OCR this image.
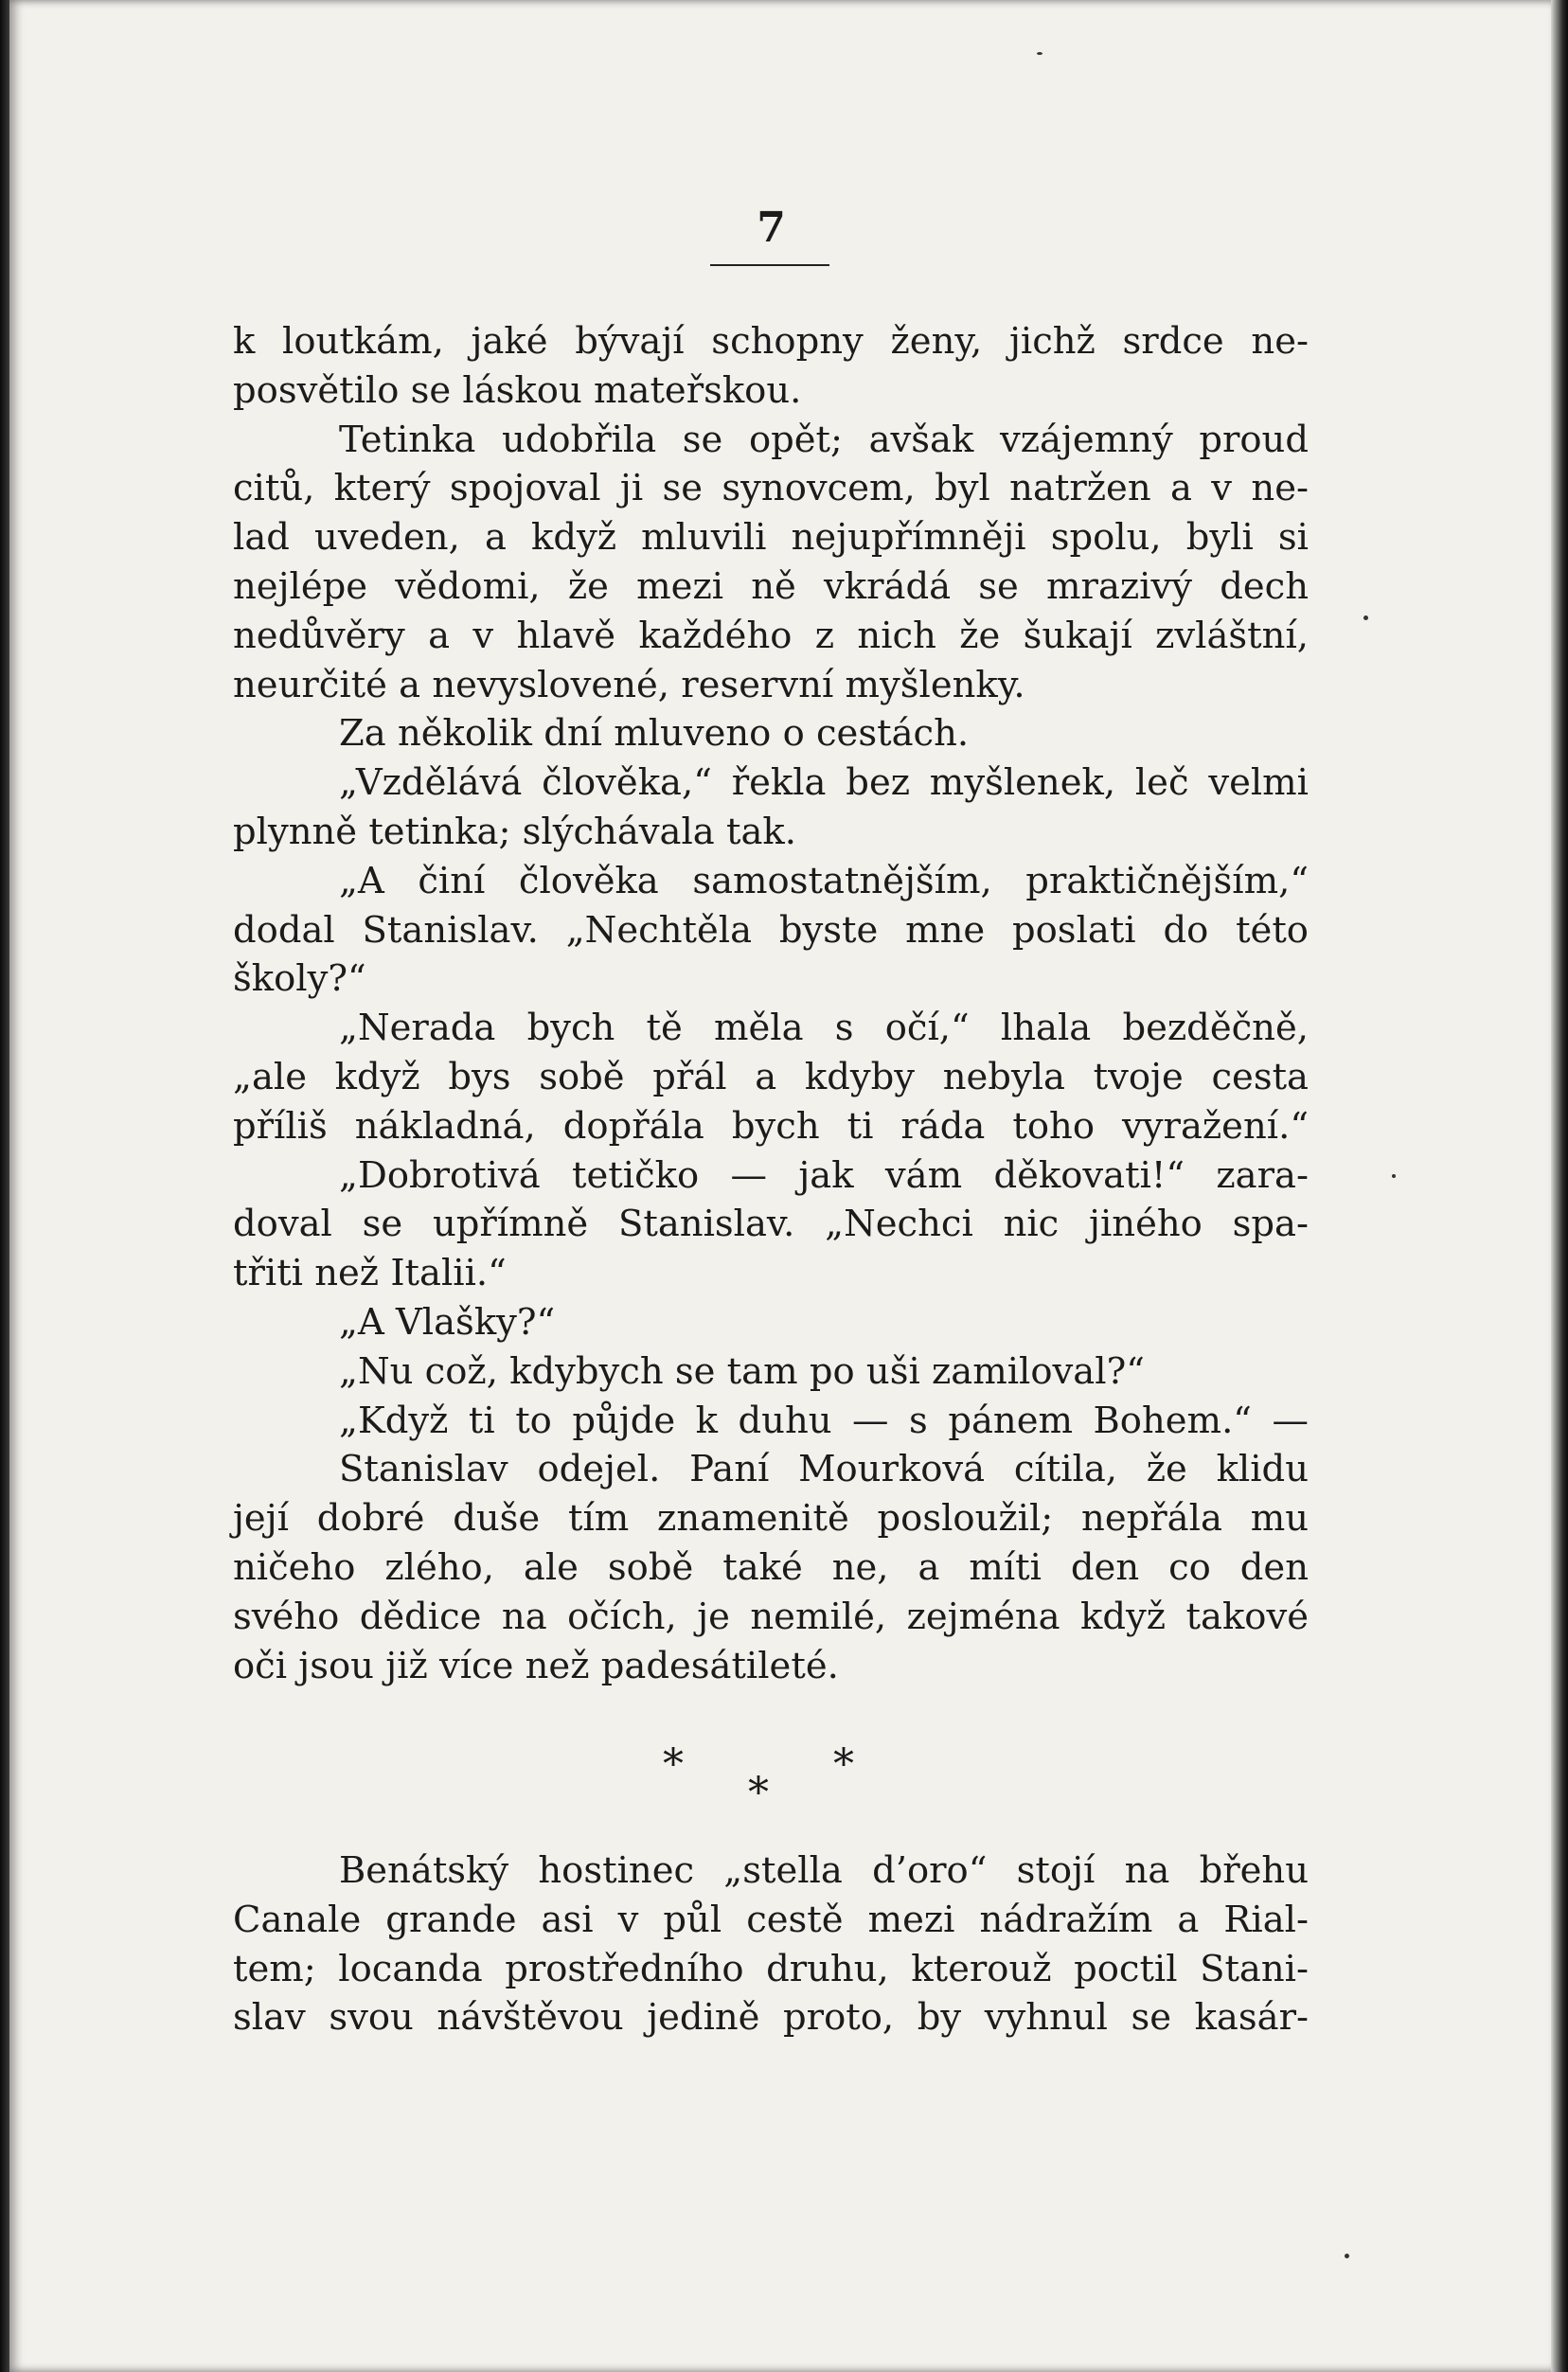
7
k loutkám, jaké bývají schopny ženy, jichž srdce ne-
posvětilo se láskou mateřskou.
Tetinka udobřila se opět; avšak vzájemný proud
citů, který spojoval ji se synovcem, byl natržen a v ne-
lad uveden, a když mluvili nejupřímněji spolu, byli si
nejlépe vědomi, že mezi ně vkrádá se mrazivý dech
nedůvěry a v hlavě každého z nich že šukají zvláštní,
neurčité a nevyslovené, reservní myšlenky.
Za několik dní mluveno o cestách.
„Vzdělává člověka,“ řekla bez myšlenek, leč velmi
plynně tetinka; slýchávala tak.
„A činí člověka samostatnějším, praktičnějším,“
dodal Stanislav. „Nechtěla byste mne poslati do této
školy?“
„Nerada bych tě měla s očí,“ lhala bezděčně,
„ale když bys sobě přál a kdyby nebyla tvoje cesta
příliš nákladná, dopřála bych ti ráda toho vyražení.“
„Dobrotivá tetičko — jak vám děkovati!“ zara-
doval se upřímně Stanislav. „Nechci nic jiného spa-
třiti než Italii.“
„A Vlašky?“
„Nu což, kdybych se tam po uši zamiloval?“
„Když ti to půjde k duhu — s pánem Bohem.“ —
Stanislav odejel. Paní Mourková cítila, že klidu
její dobré duše tím znamenitě posloužil; nepřála mu
ničeho zlého, ale sobě také ne, a míti den co den
svého dědice na očích, je nemilé, zejména když takové
oči jsou již více než padesátileté.
*
*
*
Benátský hostinec „stella d’oro“ stojí na břehu
Canale grande asi v půl cestě mezi nádražím a Rial-
tem; locanda prostředního druhu, kterouž poctil Stani-
slav svou návštěvou jedině proto, by vyhnul se kasár-
